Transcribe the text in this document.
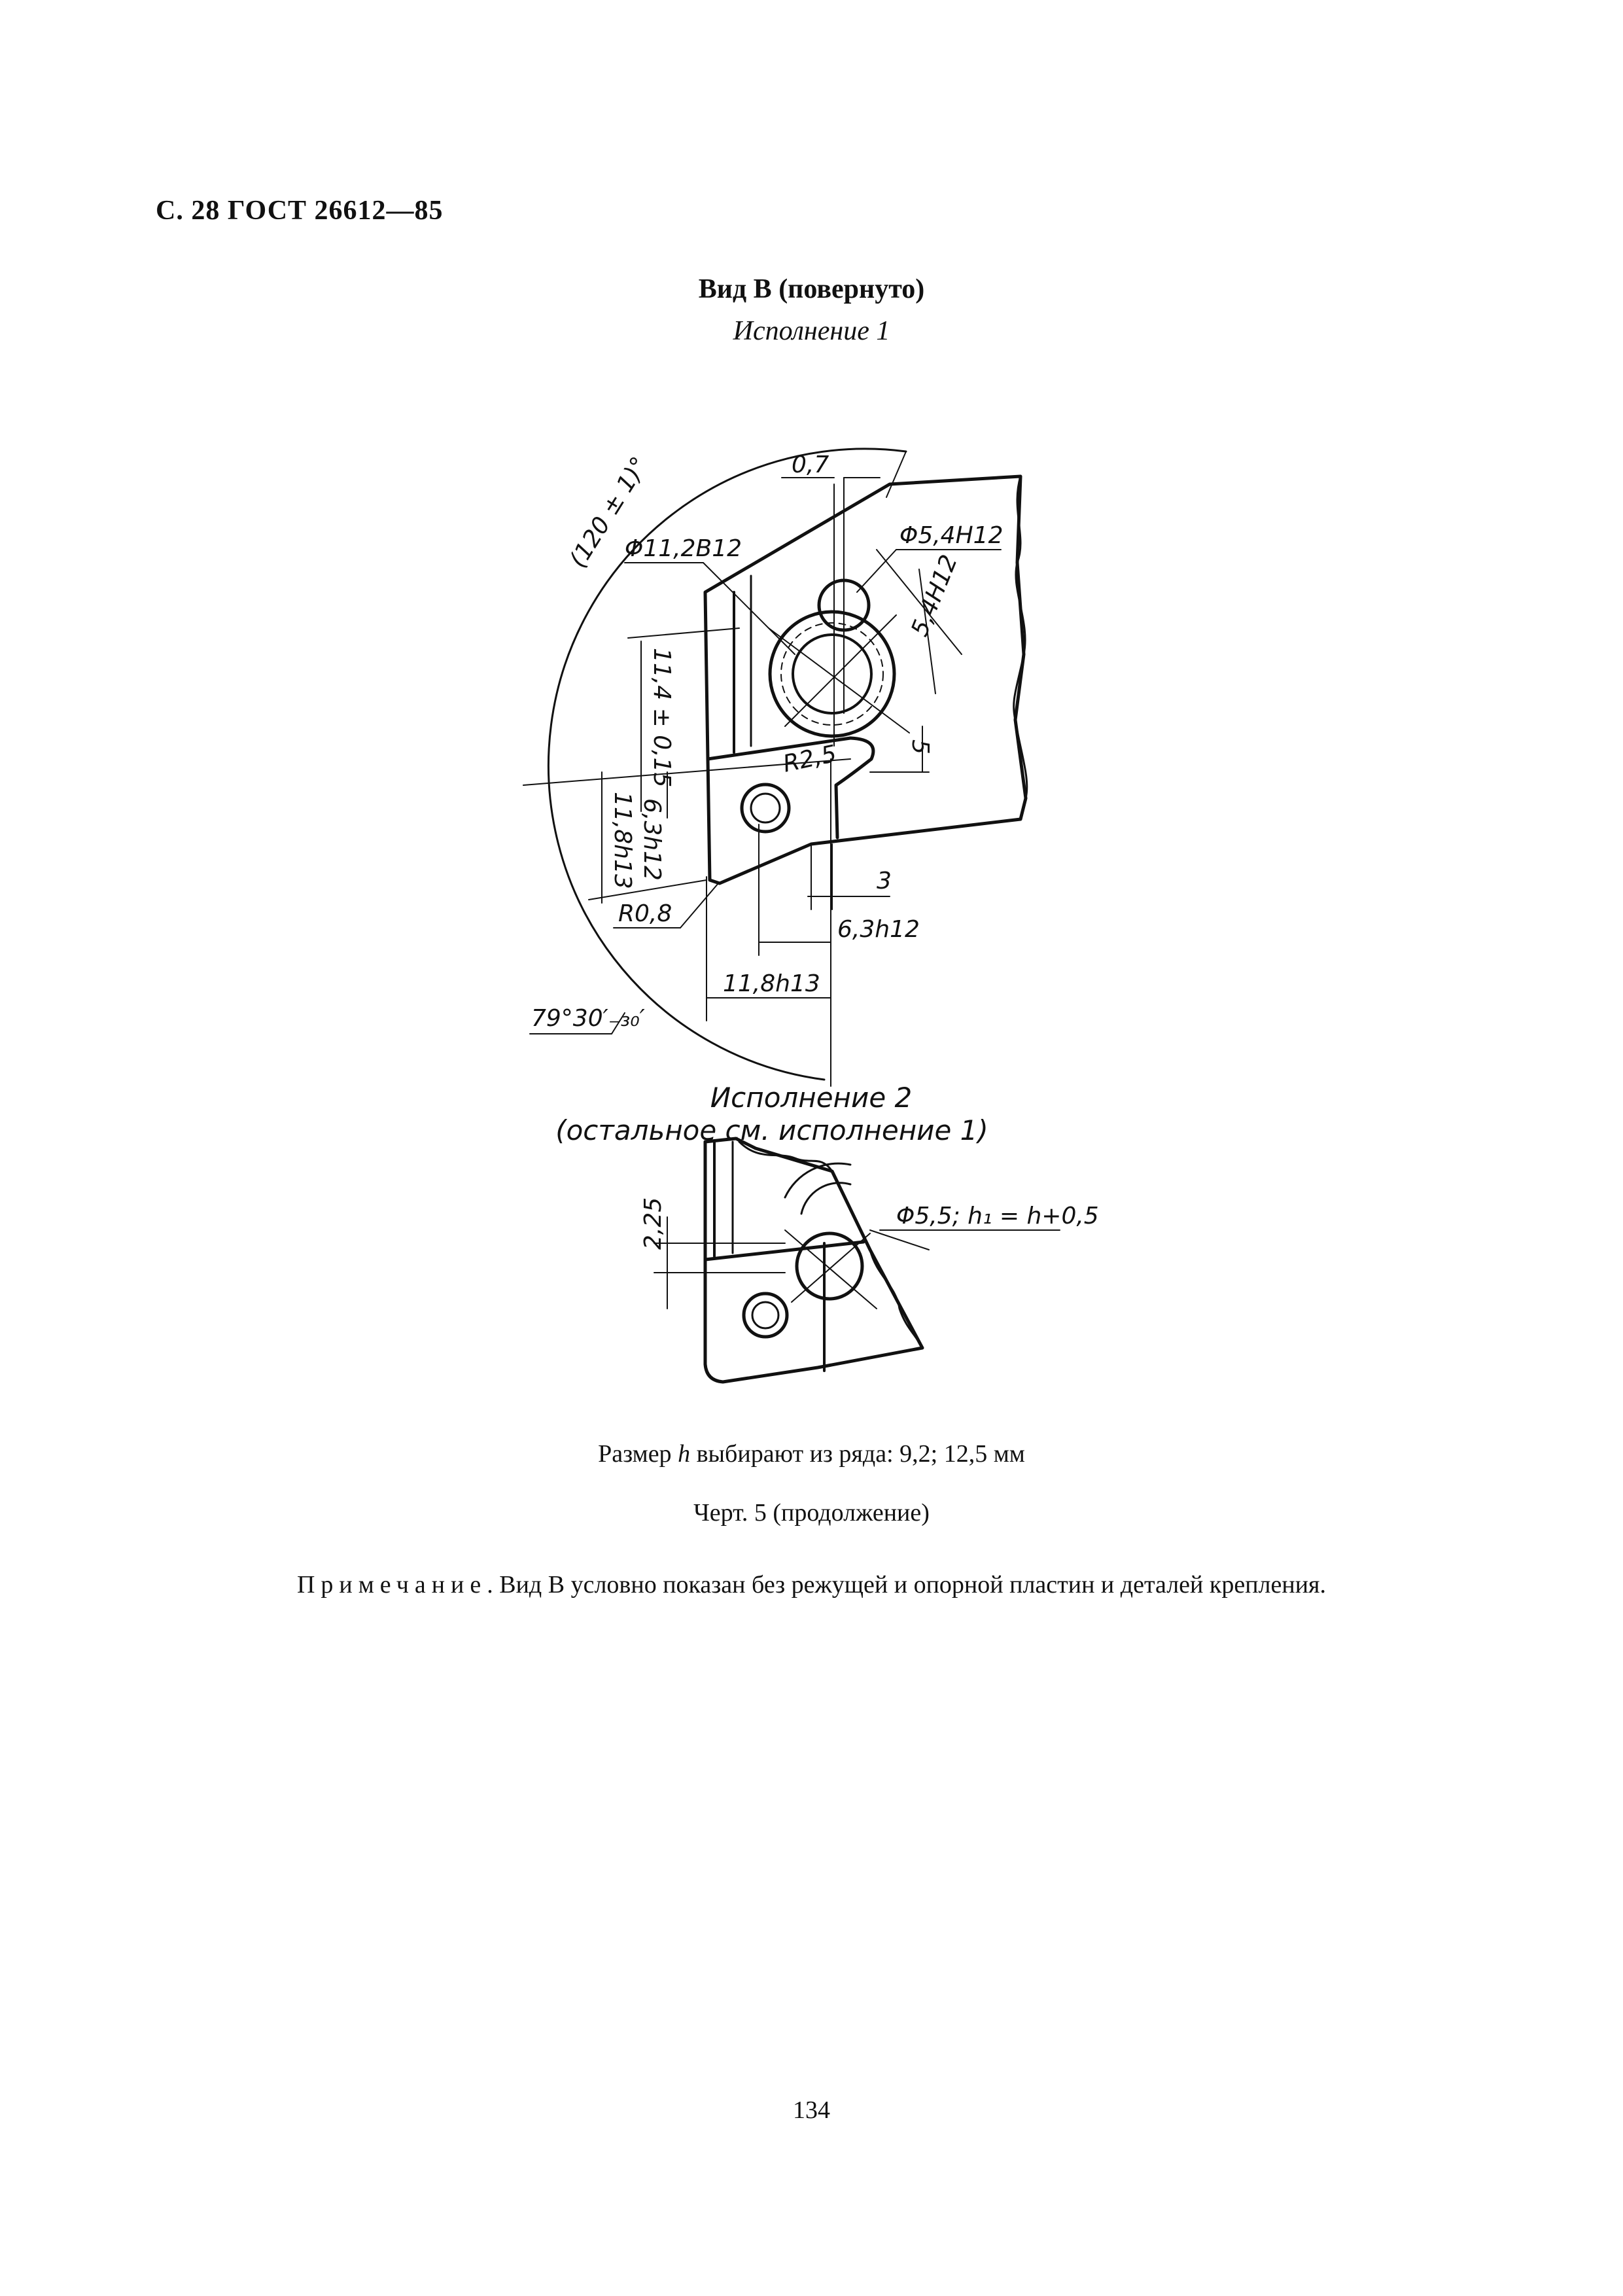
С. 28 ГОСТ 26612—85
Вид В (повернуто)
Исполнение 1
(120 ± 1)°	0,7
Φ11,2B12	Φ5,4H12
5,4H12
11,4 ± 0,15
11,8h13 6,3h12
R2,5	5
R0,8
3
6,3h12
11,8h13
79°30′₋₃₀′
Исполнение 2
(остальное см. исполнение 1)
2,25	Φ5,5; h₁ = h+0,5
Размер h выбирают из ряда: 9,2; 12,5 мм
Черт. 5 (продолжение)
Примечание. Вид В условно показан без режущей и опорной пластин и деталей крепления.
134
